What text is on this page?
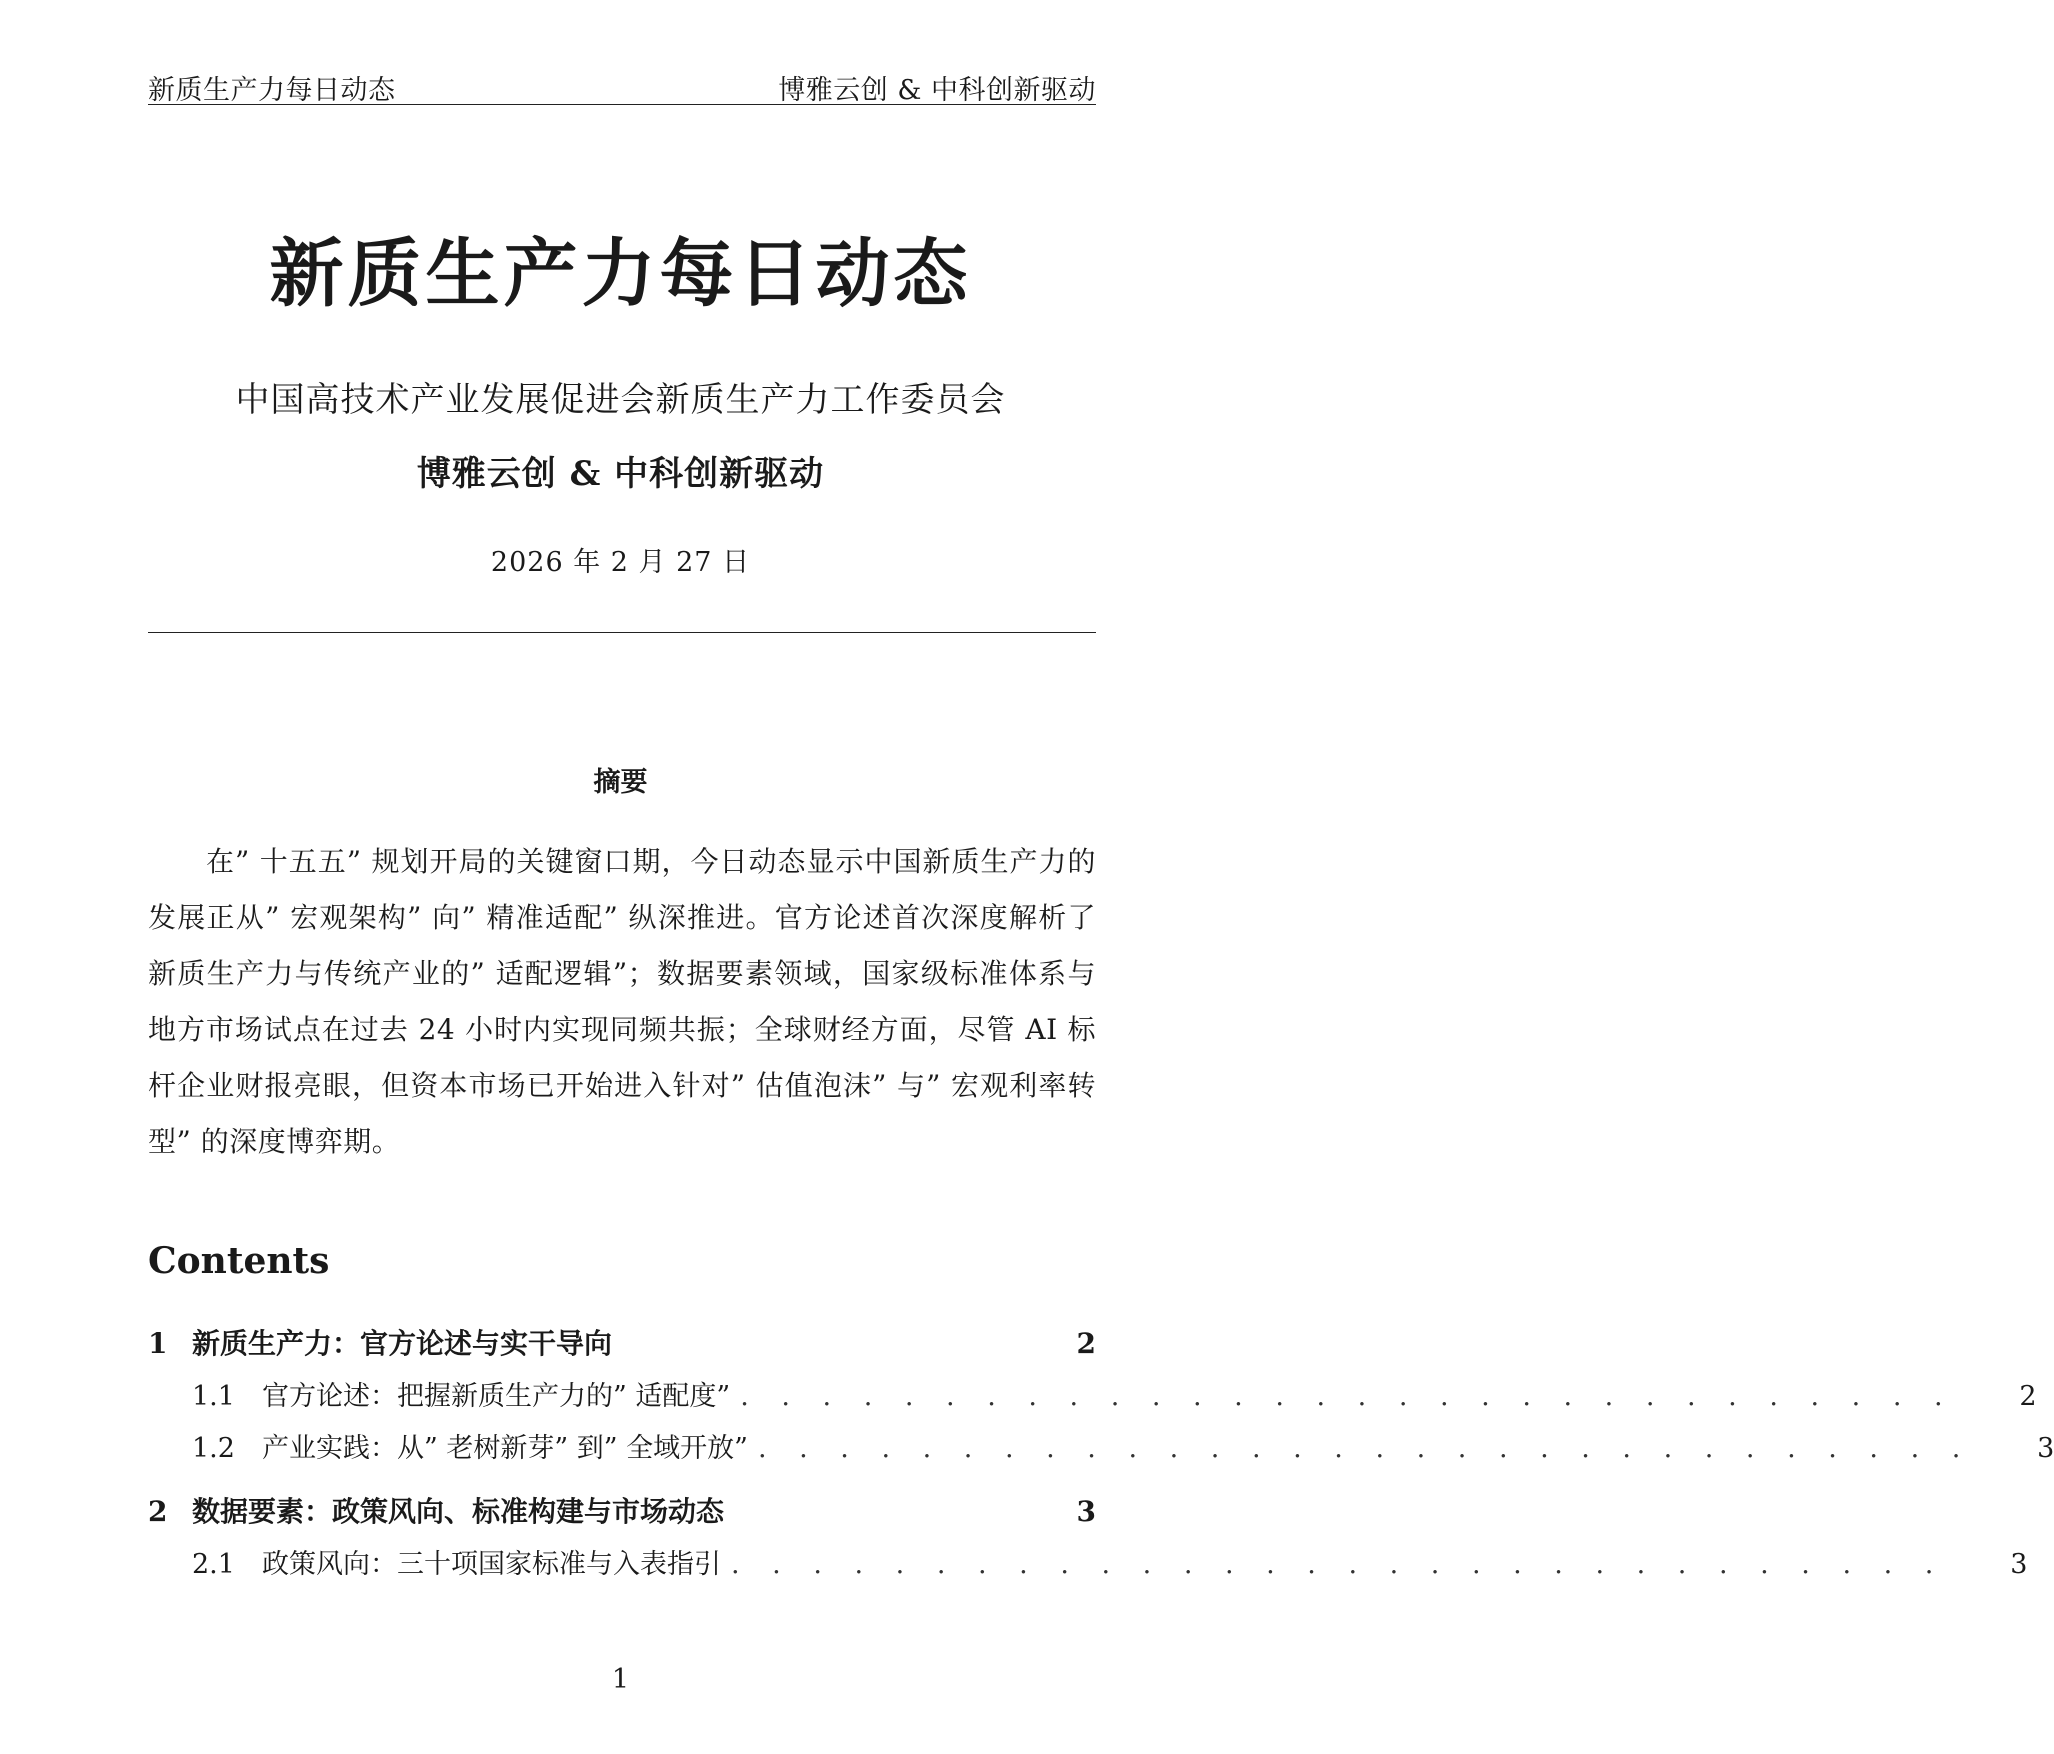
新质生产力每日动态	博雅云创 & 中科创新驱动
新质生产力每日动态
中国高技术产业发展促进会新质生产力工作委员会
博雅云创 & 中科创新驱动
2026 年 2 月 27 日
摘要

在” 十五五” 规划开局的关键窗口期，今日动态显示中国新质生产力的发展正从” 宏观架构” 向” 精准适配” 纵深推进。官方论述首次深度解析了新质生产力与传统产业的” 适配逻辑”；数据要素领域，国家级标准体系与地方市场试点在过去 24 小时内实现同频共振；全球财经方面，尽管 AI 标杆企业财报亮眼，但资本市场已开始进入针对” 估值泡沫” 与” 宏观利率转型” 的深度博弈期。

Contents
1 新质生产力：官方论述与实干导向	2
1.1	官方论述：把握新质生产力的” 适配度” . . . . . . . . . . . . . . . . . . . . . . . . . . . . . . 2
1.2	产业实践：从” 老树新芽” 到” 全域开放” . . . . . . . . . . . . . . . . . . . . . . . . . . . . . . 3
2 数据要素：政策风向、标准构建与市场动态	3
2.1	政策风向：三十项国家标准与入表指引 . . . . . . . . . . . . . . . . . . . . . . . . . . . . . . 3
1
